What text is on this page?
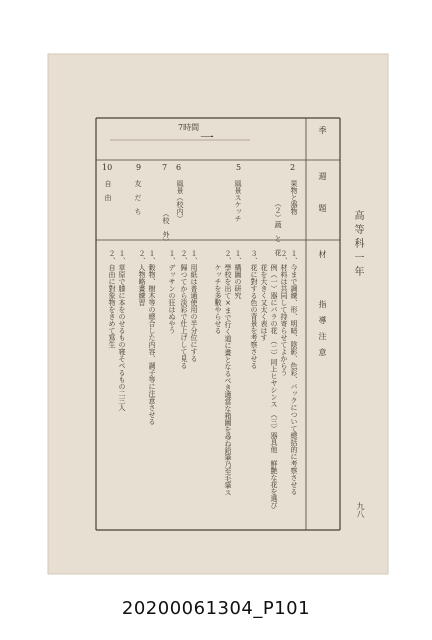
高等科一年
九八
7時間
一
季
週
題
材
指　導　注　意
2
果物と器物
（２）蔬　と　花
１、今まで調練、形、明暗、陰影、色彩、バックについて總括的に考察させる
２、材料は共同して持寄らせてよからう
　　例（一）器にバラの花　（二）同上ヒヤシンス　（三）器具他　鮮艶な花を選び
　　花を大きく又太く表はす
３、花に對する色の背景を考察させる
5
風景スケッチ
１、構圖の研究
２、學校を出て×まで行く道に畫となるべき適當な箱圖を尋ね鉛筆乃至毛筆ス
　　ケッチを多數やらせる
6
風景（校内）
（校　外）
１、用紙は普通使用の半分位にする
２、歸つてから淡彩で仕上げして見る
7
１、デッサンの狂はぬやう
9
友　だ　ち
１、穀物、樹木等の總合した内容、調子等に注意させる
２、人物略畫練習
10
自　由
１、草原で膝に本をのせるもの寝そべるもの二三人
２、自由に對象物をきめて寫生
20200061304_P101
